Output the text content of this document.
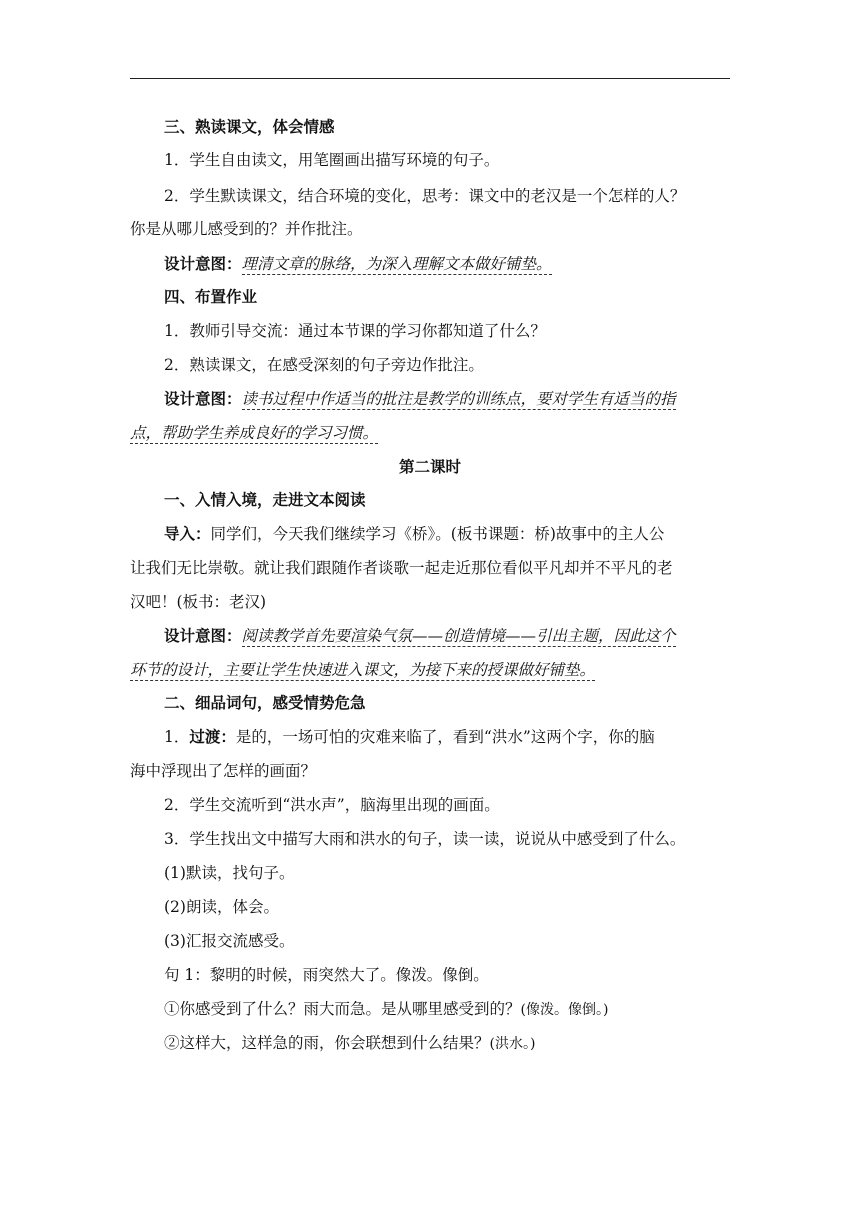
三、熟读课文，体会情感
1．学生自由读文，用笔圈画出描写环境的句子。
2．学生默读课文，结合环境的变化，思考：课文中的老汉是一个怎样的人？
你是从哪儿感受到的？并作批注。
设计意图：理清文章的脉络，为深入理解文本做好铺垫。
四、布置作业
1．教师引导交流：通过本节课的学习你都知道了什么？
2．熟读课文，在感受深刻的句子旁边作批注。
设计意图：读书过程中作适当的批注是教学的训练点，要对学生有适当的指
点，帮助学生养成良好的学习习惯。
第二课时
一、入情入境，走进文本阅读
导入：同学们，今天我们继续学习《桥》。(板书课题：桥)故事中的主人公
让我们无比崇敬。就让我们跟随作者谈歌一起走近那位看似平凡却并不平凡的老
汉吧！(板书：老汉)
设计意图：阅读教学首先要渲染气氛——创造情境——引出主题，因此这个
环节的设计，主要让学生快速进入课文，为接下来的授课做好铺垫。
二、细品词句，感受情势危急
1．过渡：是的，一场可怕的灾难来临了，看到“洪水”这两个字，你的脑
海中浮现出了怎样的画面？
2．学生交流听到“洪水声”，脑海里出现的画面。
3．学生找出文中描写大雨和洪水的句子，读一读，说说从中感受到了什么。
(1)默读，找句子。
(2)朗读，体会。
(3)汇报交流感受。
句 1：黎明的时候，雨突然大了。像泼。像倒。
①你感受到了什么？雨大而急。是从哪里感受到的？(像泼。像倒。)
②这样大，这样急的雨，你会联想到什么结果？(洪水。)
